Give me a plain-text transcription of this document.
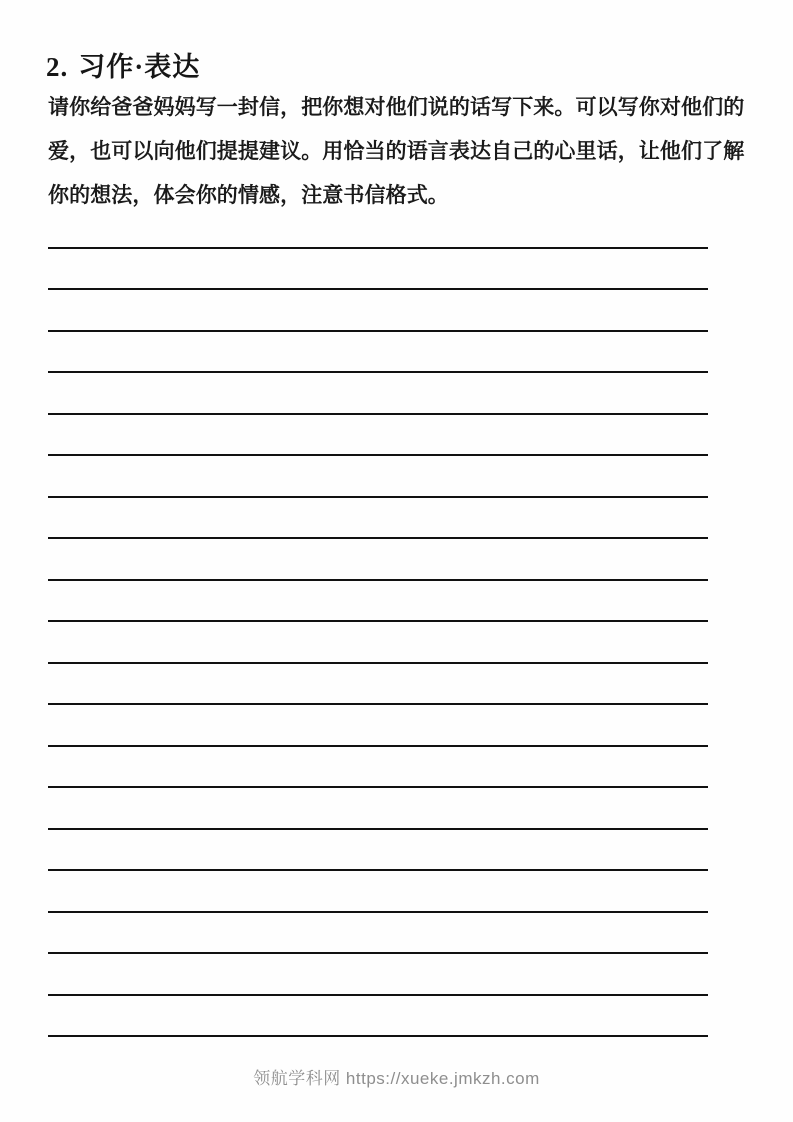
2. 习作·表达
请你给爸爸妈妈写一封信，把你想对他们说的话写下来。可以写你对他们的
爱，也可以向他们提提建议。用恰当的语言表达自己的心里话，让他们了解
你的想法，体会你的情感，注意书信格式。
领航学科网 https://xueke.jmkzh.com
